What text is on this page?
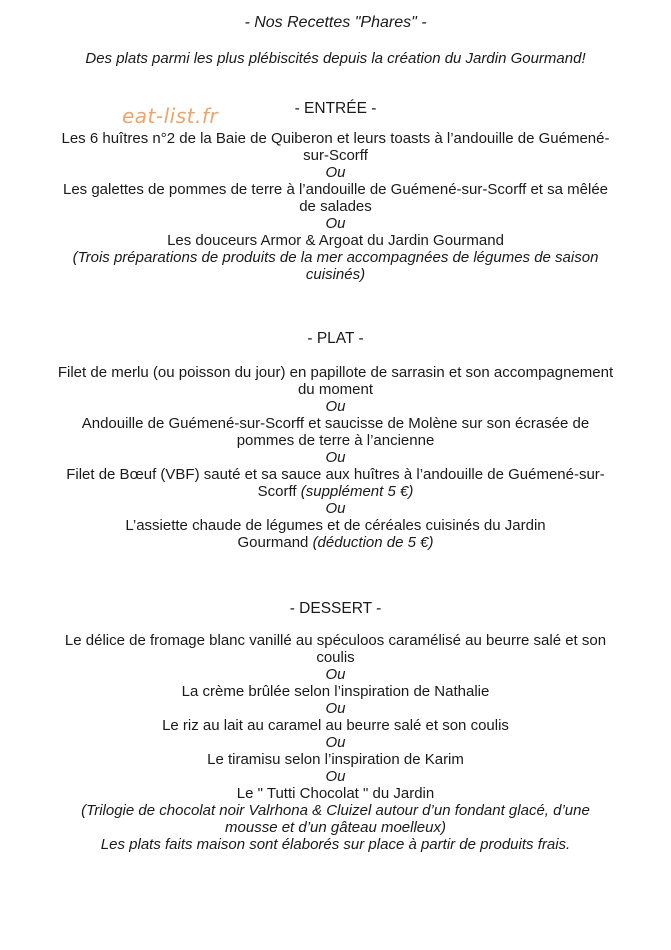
- Nos Recettes "Phares" -
Des plats parmi les plus plébiscités depuis la création du Jardin Gourmand!
eat-list.fr	- ENTRÉE -
Les 6 huîtres n°2 de la Baie de Quiberon et leurs toasts à l’andouille de Guémené-
sur-Scorff
Ou
Les galettes de pommes de terre à l’andouille de Guémené-sur-Scorff et sa mêlée
de salades
Ou
Les douceurs Armor & Argoat du Jardin Gourmand
(Trois préparations de produits de la mer accompagnées de légumes de saison
cuisinés)
- PLAT -
Filet de merlu (ou poisson du jour) en papillote de sarrasin et son accompagnement
du moment
Ou
Andouille de Guémené-sur-Scorff et saucisse de Molène sur son écrasée de
pommes de terre à l’ancienne
Ou
Filet de Bœuf (VBF) sauté et sa sauce aux huîtres à l’andouille de Guémené-sur-
Scorff (supplément 5 €)
Ou
L’assiette chaude de légumes et de céréales cuisinés du Jardin
Gourmand (déduction de 5 €)
- DESSERT -
Le délice de fromage blanc vanillé au spéculoos caramélisé au beurre salé et son
coulis
Ou
La crème brûlée selon l’inspiration de Nathalie
Ou
Le riz au lait au caramel au beurre salé et son coulis
Ou
Le tiramisu selon l’inspiration de Karim
Ou
Le " Tutti Chocolat " du Jardin
(Trilogie de chocolat noir Valrhona & Cluizel autour d’un fondant glacé, d’une
mousse et d’un gâteau moelleux)
Les plats faits maison sont élaborés sur place à partir de produits frais.
